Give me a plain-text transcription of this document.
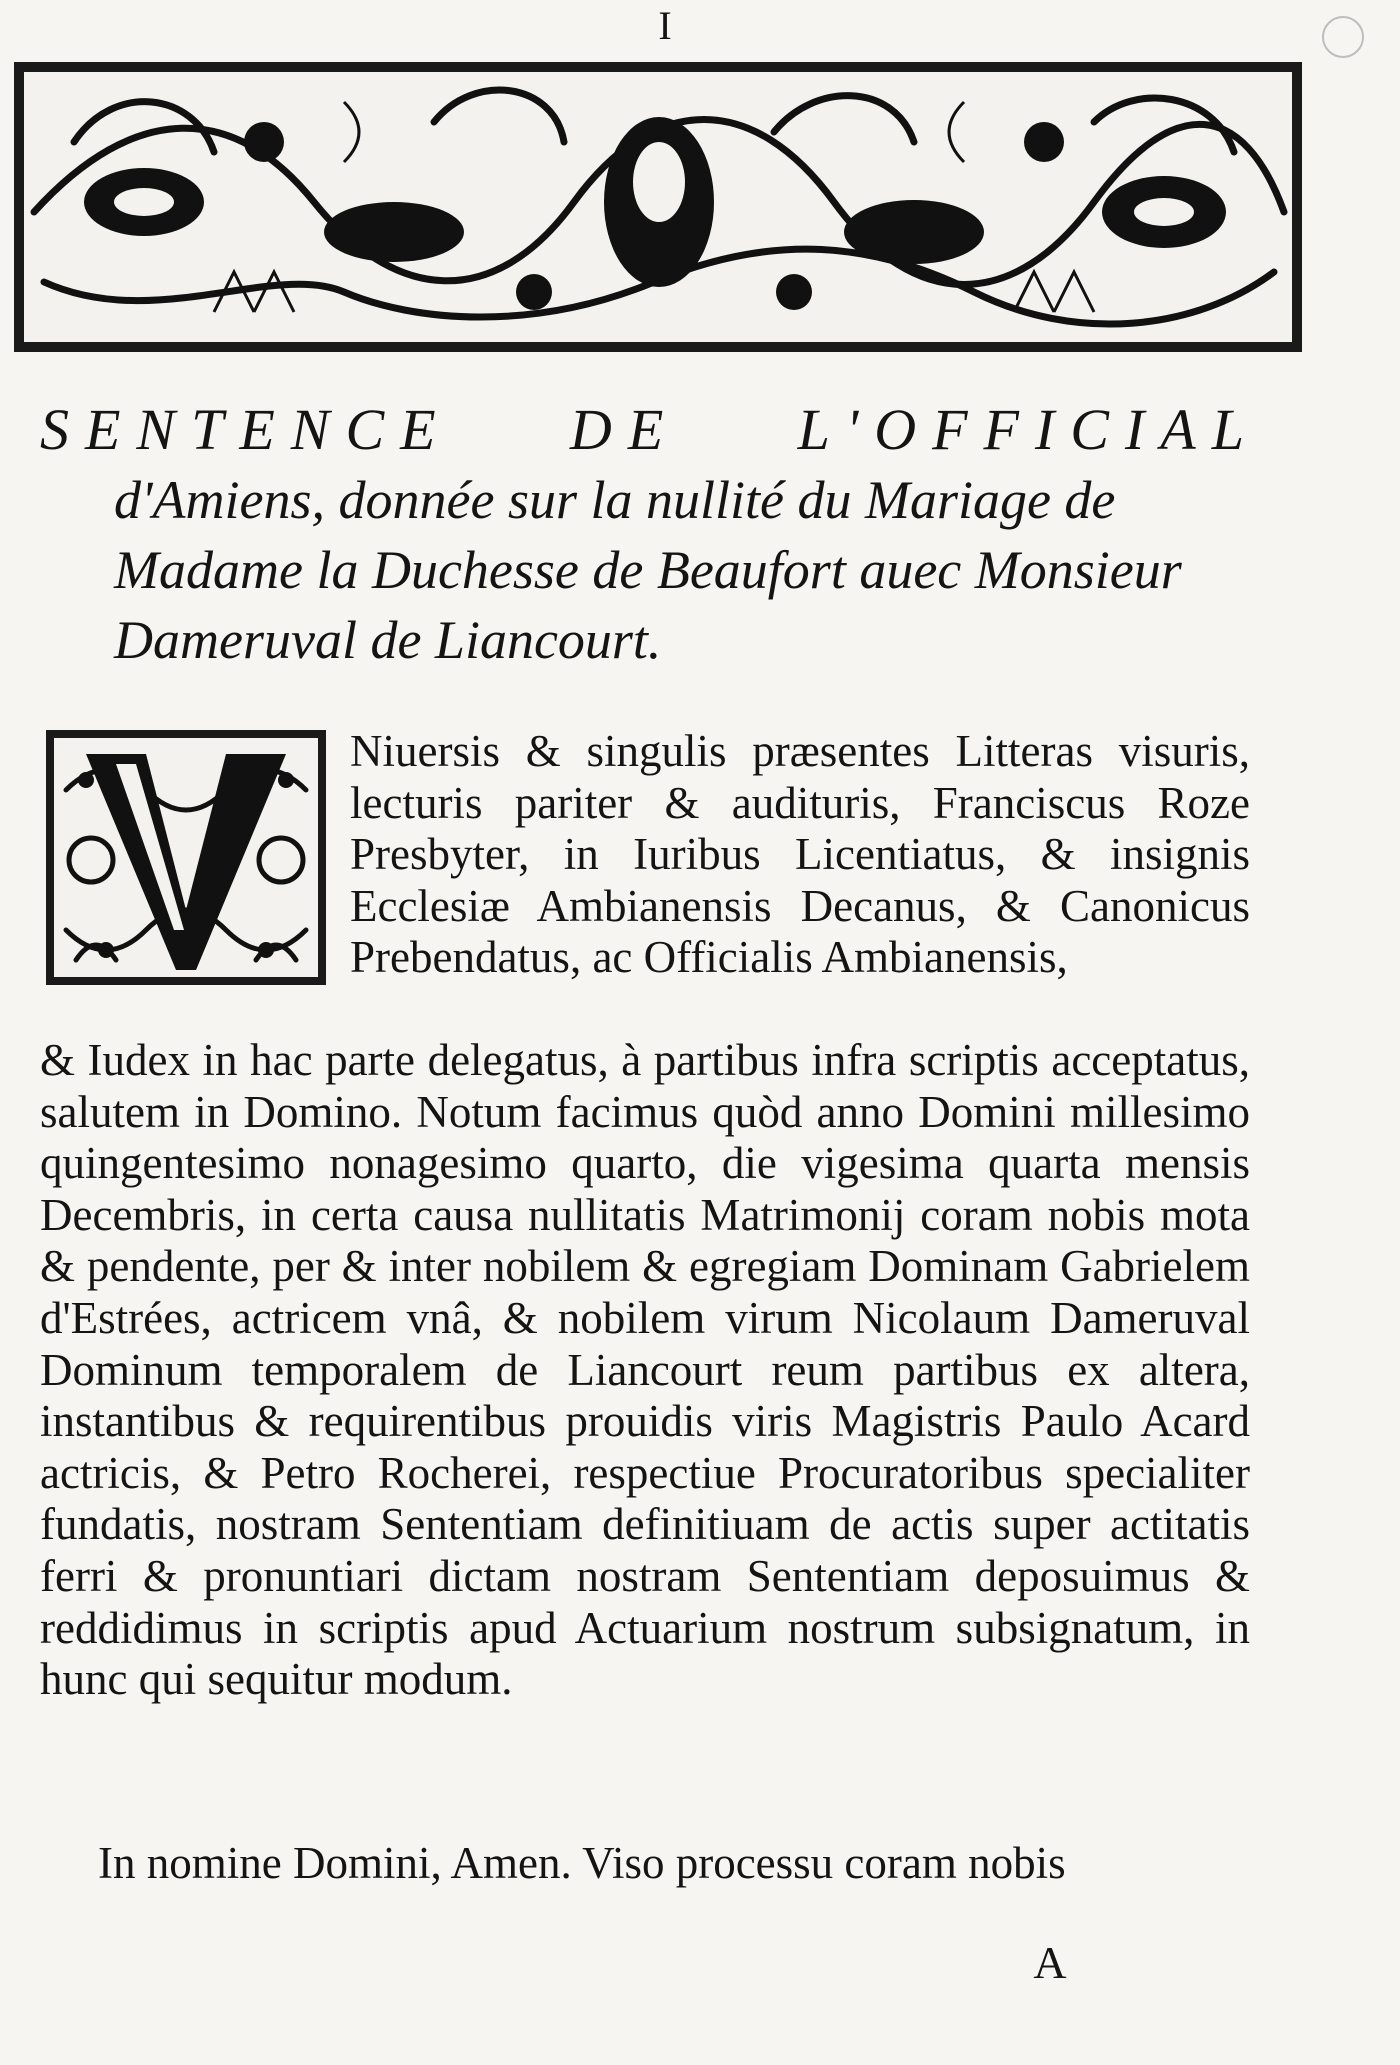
I
SENTENCE DE L'OFFICIAL
d'Amiens, donnée sur la nullité du Mariage de Madame la Duchesse de Beaufort auec Monsieur Dameruval de Liancourt.
Niuersis & singulis præsentes Litteras visuris, lecturis pariter & audituris, Franciscus Roze Presbyter, in Iuribus Licentiatus, & insignis Ecclesiæ Ambianensis Decanus, & Canonicus Prebendatus, ac Officialis Ambianensis,
& Iudex in hac parte delegatus, à partibus infra scriptis acceptatus, salutem in Domino. Notum facimus quòd anno Domini millesimo quingentesimo nonagesimo quarto, die vigesima quarta mensis Decembris, in certa causa nullitatis Matrimonij coram nobis mota & pendente, per & inter nobilem & egregiam Dominam Gabrielem d'Estrées, actricem vnâ, & nobilem virum Nicolaum Dameruval Dominum temporalem de Liancourt reum partibus ex altera, instantibus & requirentibus prouidis viris Magistris Paulo Acard actricis, & Petro Rocherei, respectiue Procuratoribus specialiter fundatis, nostram Sententiam definitiuam de actis super actitatis ferri & pronuntiari dictam nostram Sententiam deposuimus & reddidimus in scriptis apud Actuarium nostrum subsignatum, in hunc qui sequitur modum.
In nomine Domini, Amen. Viso processu coram nobis
A
